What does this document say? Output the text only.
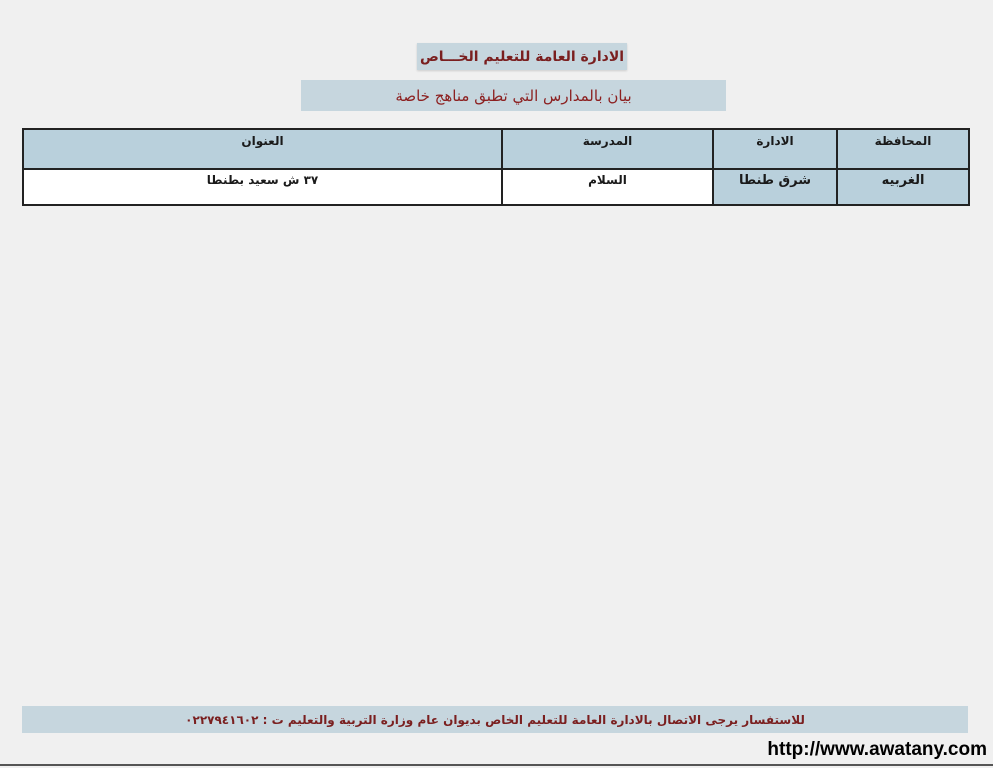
الادارة العامة للتعليم الخـــاص
بيان بالمدارس التي تطبق مناهج خاصة
المحافظة	الادارة	المدرسة	العنوان
الغربيه	شرق طنطا	السلام	٣٧ ش سعيد بطنطا
للاستفسار يرجى الاتصال بالادارة العامة للتعليم الخاص بديوان عام وزارة التربية والتعليم ت : ٠٢٢٧٩٤١٦٠٢
http://www.awatany.com
